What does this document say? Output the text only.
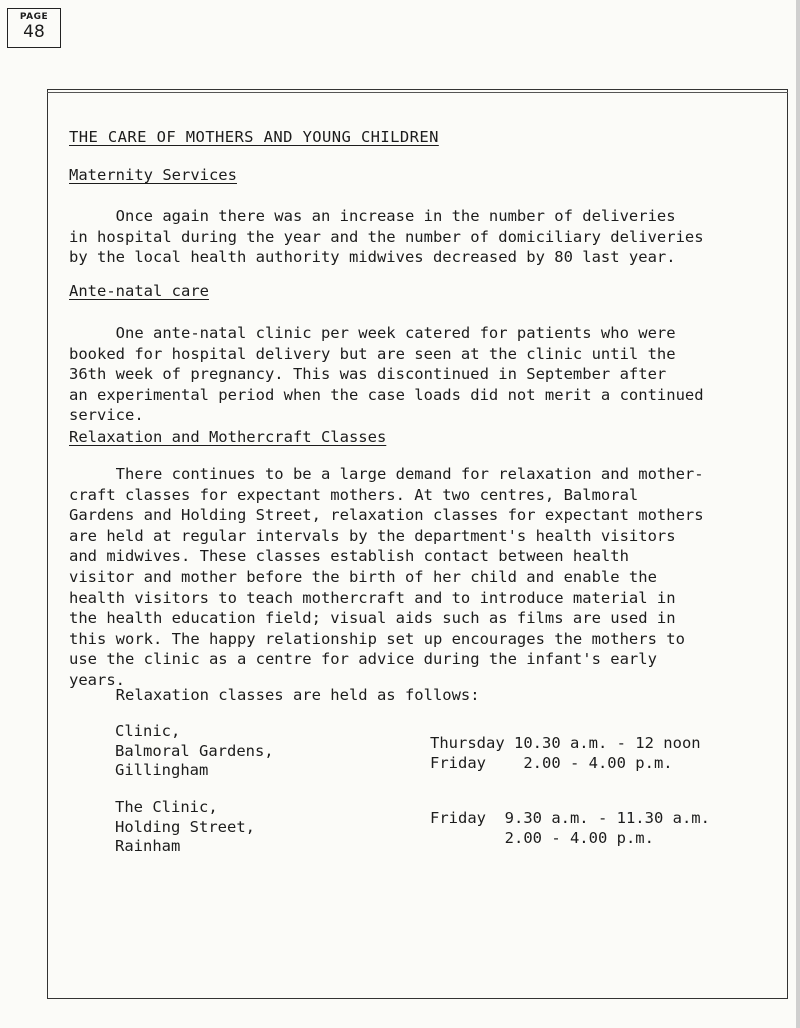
PAGE
48
THE CARE OF MOTHERS AND YOUNG CHILDREN
Maternity Services
Once again there was an increase in the number of deliveries
in hospital during the year and the number of domiciliary deliveries
by the local health authority midwives decreased by 80 last year.
Ante-natal care
One ante-natal clinic per week catered for patients who were
booked for hospital delivery but are seen at the clinic until the
36th week of pregnancy. This was discontinued in September after
an experimental period when the case loads did not merit a continued
service.
Relaxation and Mothercraft Classes
There continues to be a large demand for relaxation and mother-
craft classes for expectant mothers. At two centres, Balmoral
Gardens and Holding Street, relaxation classes for expectant mothers
are held at regular intervals by the department's health visitors
and midwives. These classes establish contact between health
visitor and mother before the birth of her child and enable the
health visitors to teach mothercraft and to introduce material in
the health education field; visual aids such as films are used in
this work. The happy relationship set up encourages the mothers to
use the clinic as a centre for advice during the infant's early
years.
Relaxation classes are held as follows:
Clinic,
Balmoral Gardens,
Gillingham
Thursday 10.30 a.m. - 12 noon
Friday    2.00 - 4.00 p.m.
The Clinic,
Holding Street,
Rainham
Friday  9.30 a.m. - 11.30 a.m.
2.00 - 4.00 p.m.
